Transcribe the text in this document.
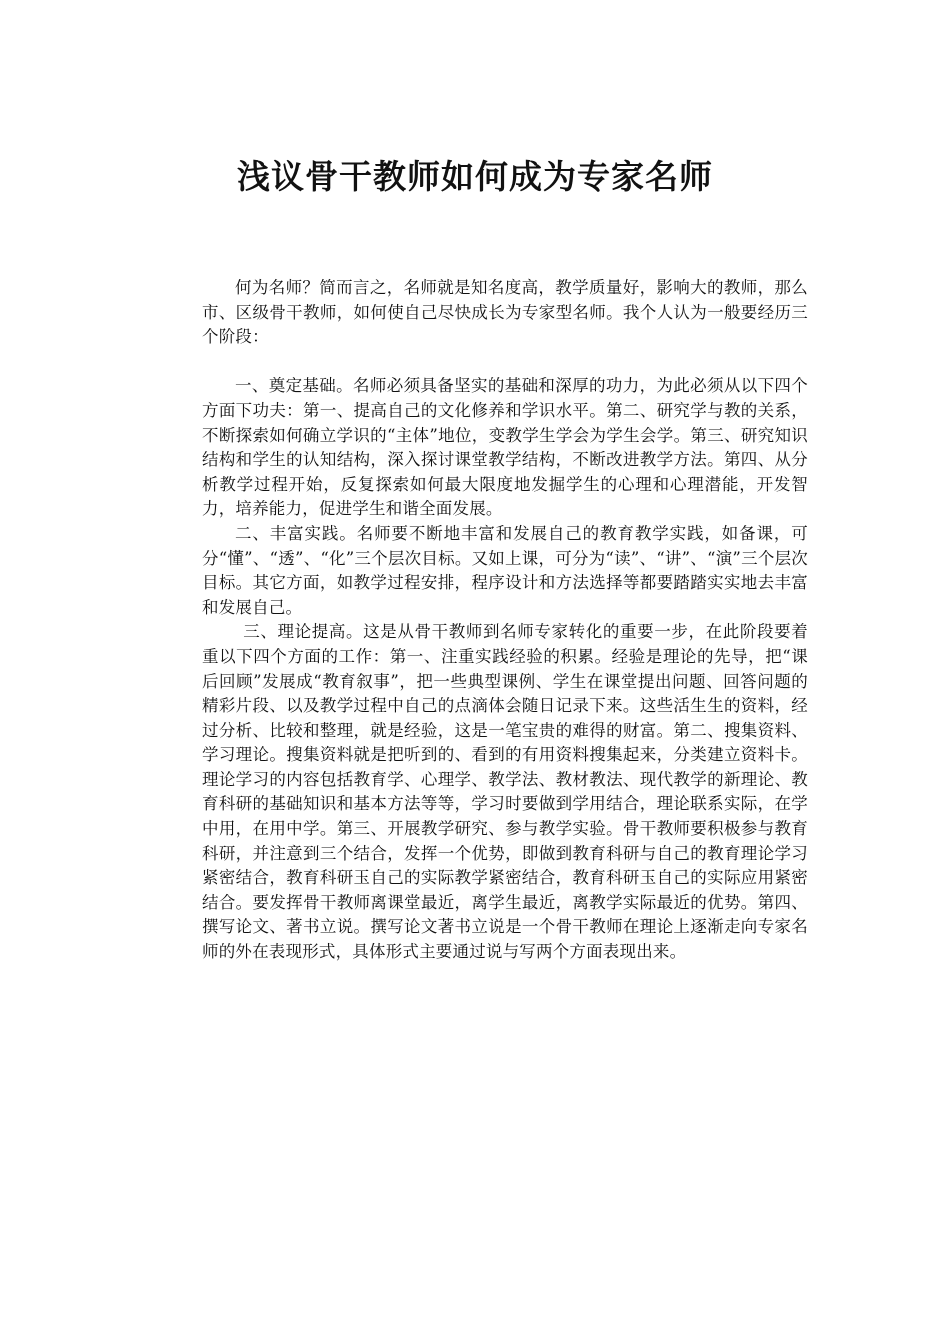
浅议骨干教师如何成为专家名师

何为名师？简而言之，名师就是知名度高，教学质量好，影响大的教师，那么市、区级骨干教师，如何使自己尽快成长为专家型名师。我个人认为一般要经历三个阶段：

一、奠定基础。名师必须具备坚实的基础和深厚的功力，为此必须从以下四个方面下功夫：第一、提高自己的文化修养和学识水平。第二、研究学与教的关系，不断探索如何确立学识的“主体”地位，变教学生学会为学生会学。第三、研究知识结构和学生的认知结构，深入探讨课堂教学结构，不断改进教学方法。第四、从分析教学过程开始，反复探索如何最大限度地发掘学生的心理和心理潜能，开发智力，培养能力，促进学生和谐全面发展。

二、丰富实践。名师要不断地丰富和发展自己的教育教学实践，如备课，可分“懂”、“透”、“化”三个层次目标。又如上课，可分为“读”、“讲”、“演”三个层次目标。其它方面，如教学过程安排，程序设计和方法选择等都要踏踏实实地去丰富和发展自己。

三、理论提高。这是从骨干教师到名师专家转化的重要一步，在此阶段要着重以下四个方面的工作：第一、注重实践经验的积累。经验是理论的先导，把“课后回顾”发展成“教育叙事”，把一些典型课例、学生在课堂提出问题、回答问题的精彩片段、以及教学过程中自己的点滴体会随日记录下来。这些活生生的资料，经过分析、比较和整理，就是经验，这是一笔宝贵的难得的财富。第二、搜集资料、学习理论。搜集资料就是把听到的、看到的有用资料搜集起来，分类建立资料卡。理论学习的内容包括教育学、心理学、教学法、教材教法、现代教学的新理论、教育科研的基础知识和基本方法等等，学习时要做到学用结合，理论联系实际，在学中用，在用中学。第三、开展教学研究、参与教学实验。骨干教师要积极参与教育科研，并注意到三个结合，发挥一个优势，即做到教育科研与自己的教育理论学习紧密结合，教育科研玉自己的实际教学紧密结合，教育科研玉自己的实际应用紧密结合。要发挥骨干教师离课堂最近，离学生最近，离教学实际最近的优势。第四、撰写论文、著书立说。撰写论文著书立说是一个骨干教师在理论上逐渐走向专家名师的外在表现形式，具体形式主要通过说与写两个方面表现出来。
